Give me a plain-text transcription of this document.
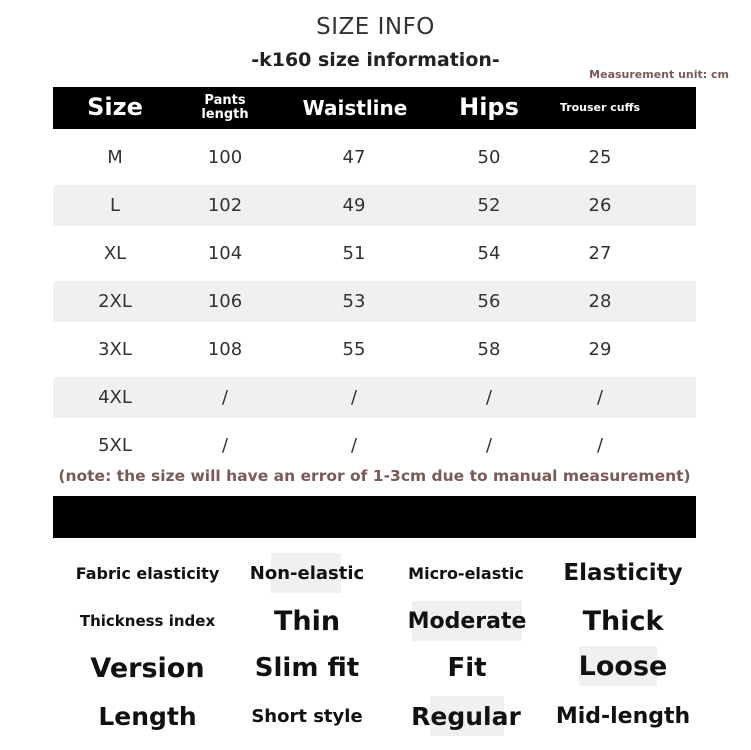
SIZE INFO
-k160 size information-
Measurement unit: cm
Size	Pants length	Waistline	Hips	Trouser cuffs
M	100	47	50	25
L	102	49	52	26
XL	104	51	54	27
2XL	106	53	56	28
3XL	108	55	58	29
4XL	/	/	/	/
5XL	/	/	/	/
(note: the size will have an error of 1-3cm due to manual measurement)
Fabric elasticity	Non-elastic	Micro-elastic	Elasticity
Thickness index	Thin	Moderate	Thick
Version	Slim fit	Fit	Loose
Length	Short style	Regular	Mid-length
